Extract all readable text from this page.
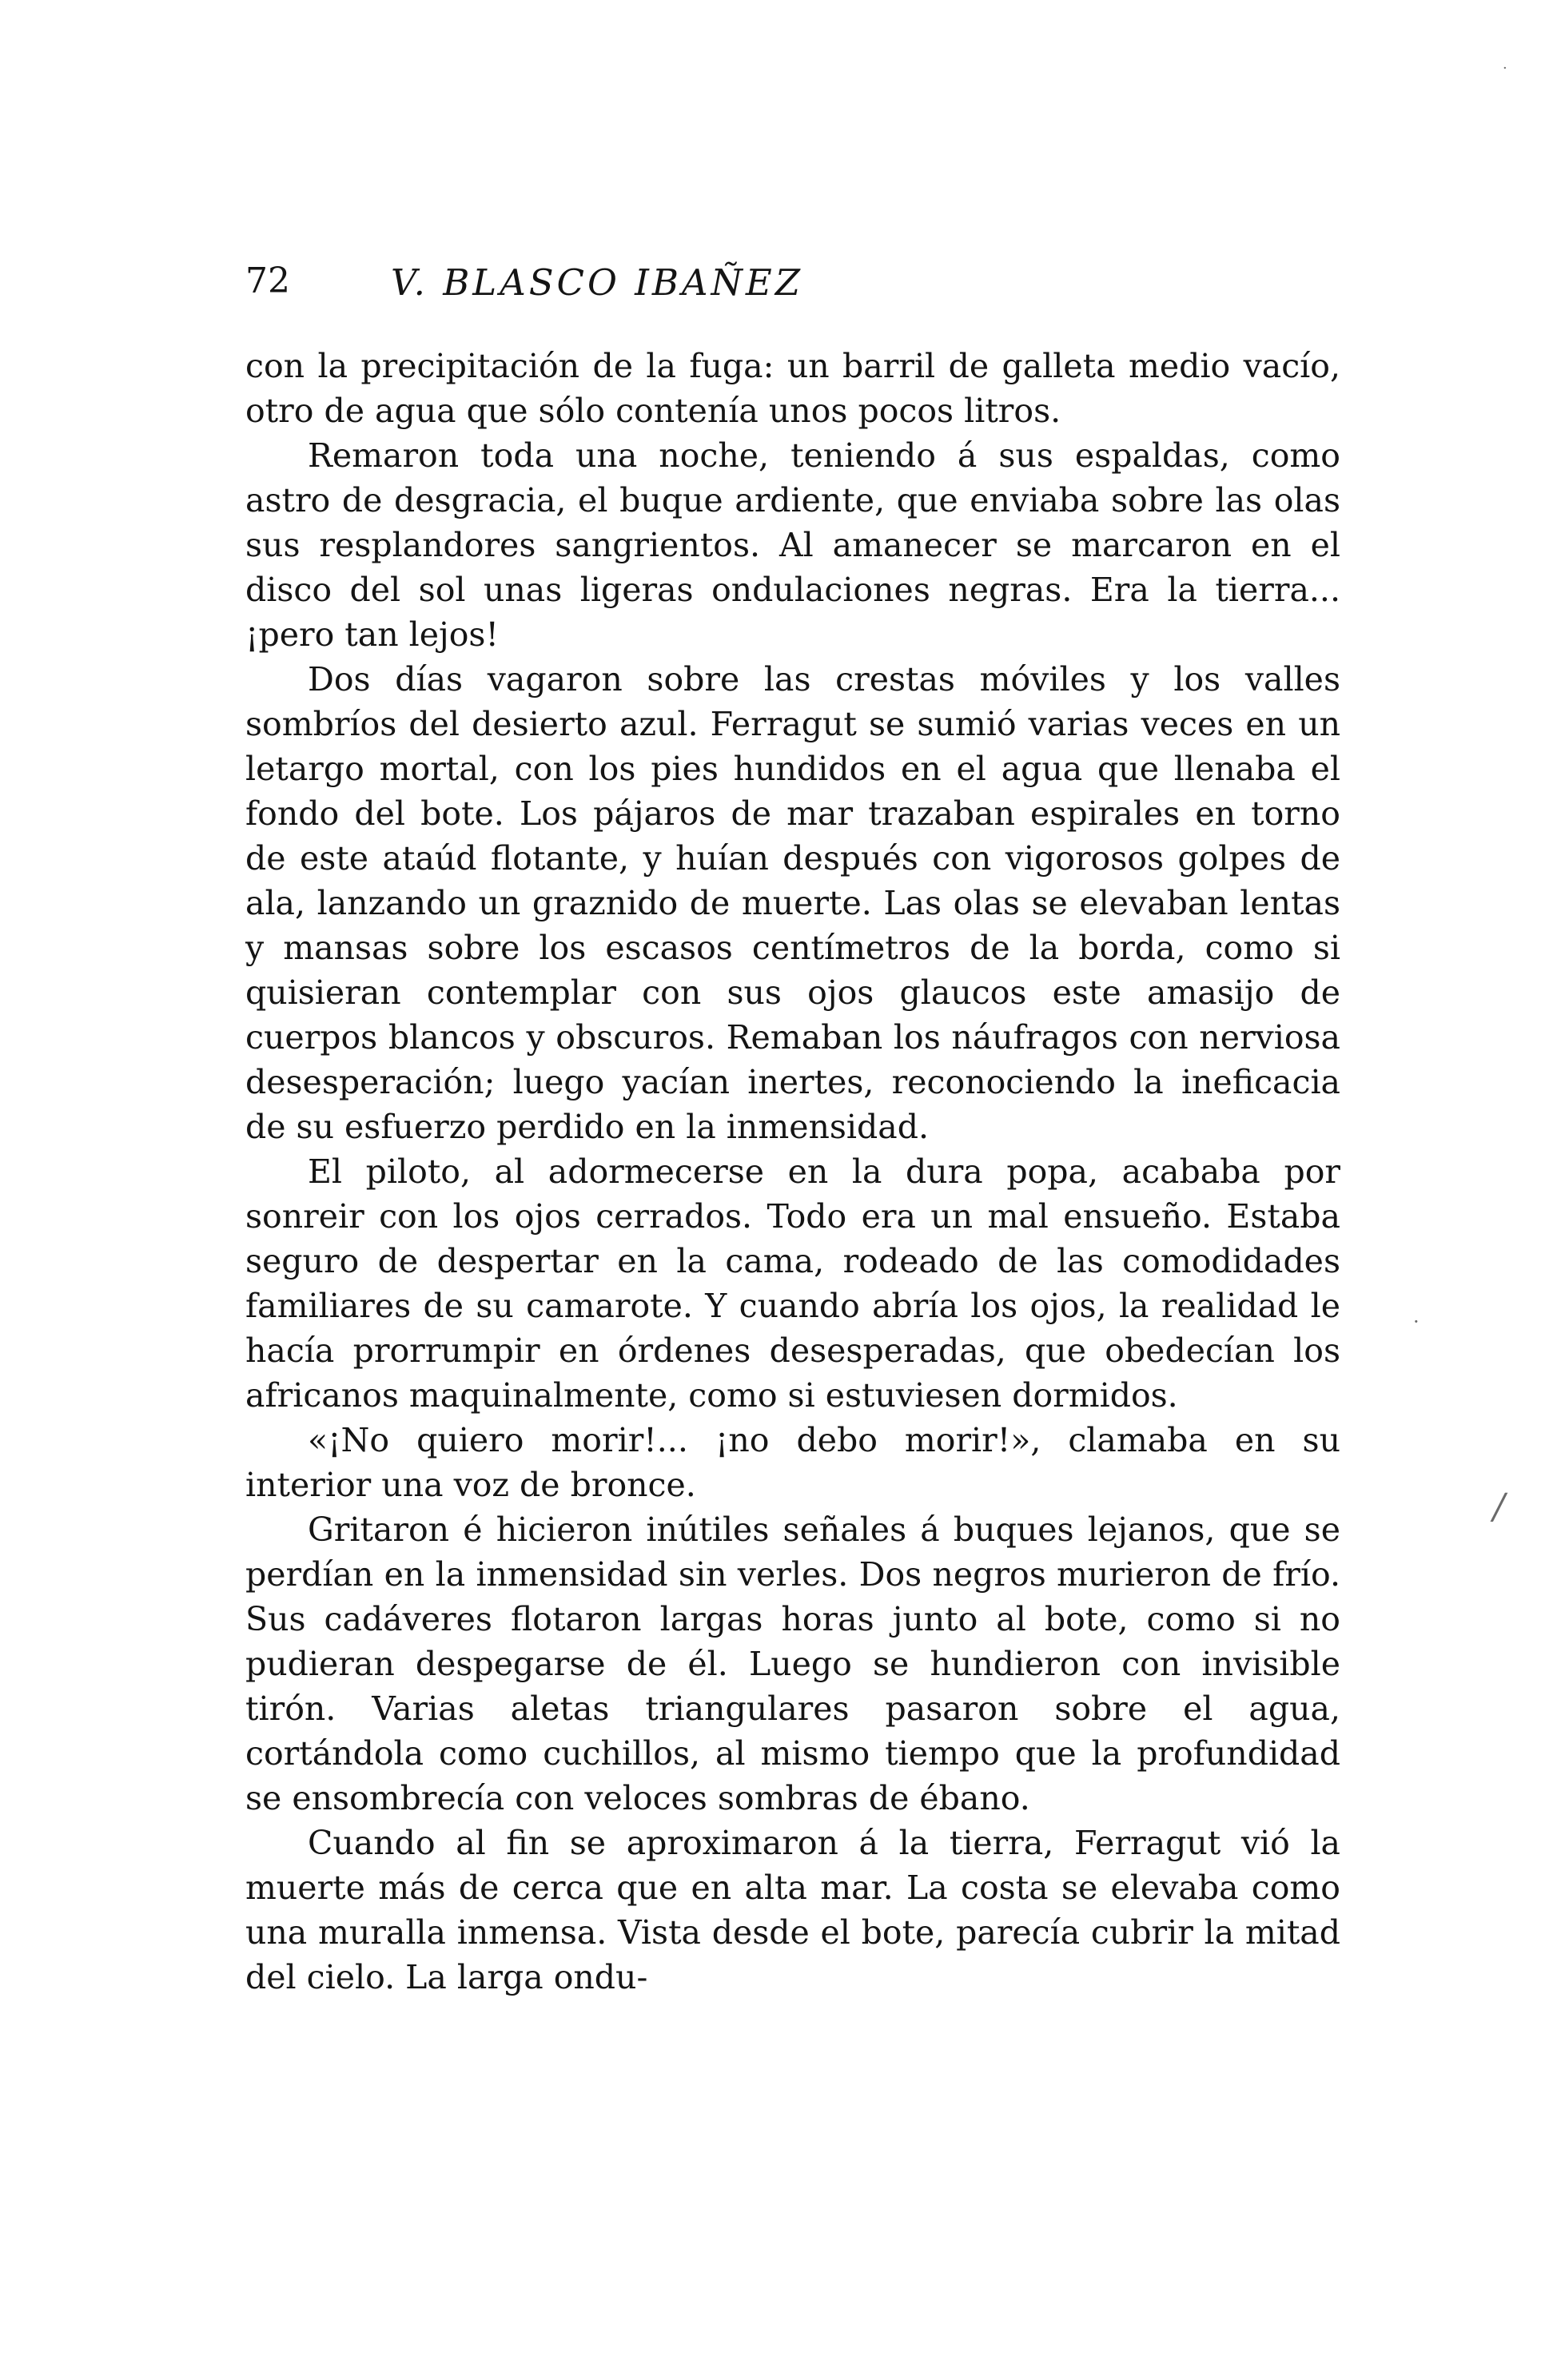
72	V. BLASCO IBAÑEZ

con la precipitación de la fuga: un barril de galleta medio vacío, otro de agua que sólo contenía unos pocos litros.

Remaron toda una noche, teniendo á sus espaldas, como astro de desgracia, el buque ardiente, que enviaba sobre las olas sus resplandores sangrientos. Al amanecer se marcaron en el disco del sol unas ligeras ondulaciones negras. Era la tierra... ¡pero tan lejos!

Dos días vagaron sobre las crestas móviles y los valles sombríos del desierto azul. Ferragut se sumió varias veces en un letargo mortal, con los pies hundidos en el agua que llenaba el fondo del bote. Los pájaros de mar trazaban espirales en torno de este ataúd flotante, y huían después con vigorosos golpes de ala, lanzando un graznido de muerte. Las olas se elevaban lentas y mansas sobre los escasos centímetros de la borda, como si quisieran contemplar con sus ojos glaucos este amasijo de cuerpos blancos y obscuros. Remaban los náufragos con nerviosa desesperación; luego yacían inertes, reconociendo la ineficacia de su esfuerzo perdido en la inmensidad.

El piloto, al adormecerse en la dura popa, acababa por sonreir con los ojos cerrados. Todo era un mal ensueño. Estaba seguro de despertar en la cama, rodeado de las comodidades familiares de su camarote. Y cuando abría los ojos, la realidad le hacía prorrumpir en órdenes desesperadas, que obedecían los africanos maquinalmente, como si estuviesen dormidos.

«¡No quiero morir!... ¡no debo morir!», clamaba en su interior una voz de bronce.

Gritaron é hicieron inútiles señales á buques lejanos, que se perdían en la inmensidad sin verles. Dos negros murieron de frío. Sus cadáveres flotaron largas horas junto al bote, como si no pudieran despegarse de él. Luego se hundieron con invisible tirón. Varias aletas triangulares pasaron sobre el agua, cortándola como cuchillos, al mismo tiempo que la profundidad se ensombrecía con veloces sombras de ébano.

Cuando al fin se aproximaron á la tierra, Ferragut vió la muerte más de cerca que en alta mar. La costa se elevaba como una muralla inmensa. Vista desde el bote, parecía cubrir la mitad del cielo. La larga ondu-

·
·
/
